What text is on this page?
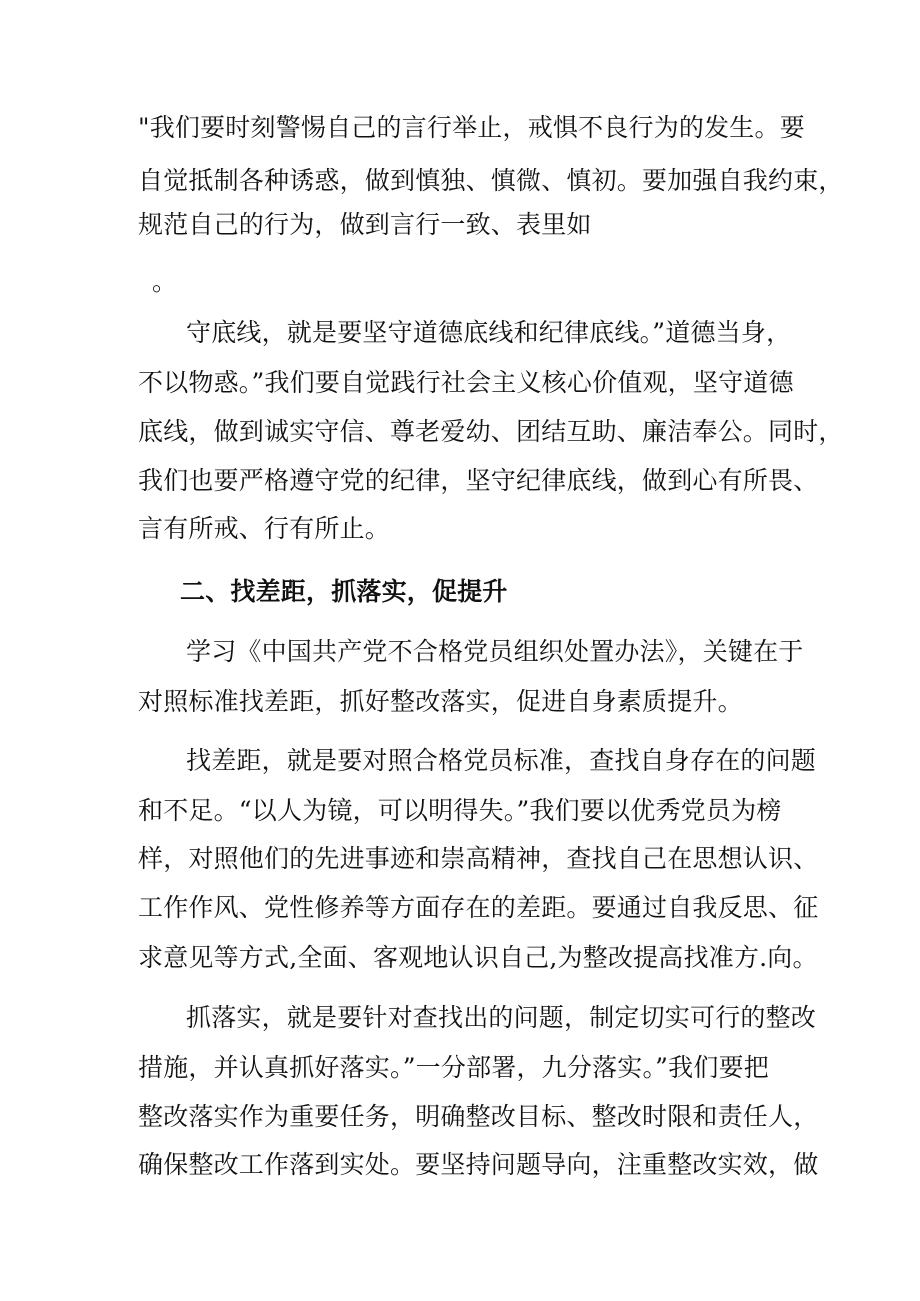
"我们要时刻警惕自己的言行举止，戒惧不良行为的发生。要
自觉抵制各种诱惑，做到慎独、慎微、慎初。要加强自我约束，
规范自己的行为，做到言行一致、表里如
。
守底线，就是要坚守道德底线和纪律底线。”道德当身，
不以物惑。”我们要自觉践行社会主义核心价值观，坚守道德
底线，做到诚实守信、尊老爱幼、团结互助、廉洁奉公。同时，
我们也要严格遵守党的纪律，坚守纪律底线，做到心有所畏、
言有所戒、行有所止。
二、找差距，抓落实，促提升
学习《中国共产党不合格党员组织处置办法》，关键在于
对照标准找差距，抓好整改落实，促进自身素质提升。
找差距，就是要对照合格党员标准，查找自身存在的问题
和不足。“以人为镜，可以明得失。”我们要以优秀党员为榜
样，对照他们的先进事迹和崇高精神，查找自己在思想认识、
工作作风、党性修养等方面存在的差距。要通过自我反思、征
求意见等方式,全面、客观地认识自己,为整改提高找准方.向。
抓落实，就是要针对查找出的问题，制定切实可行的整改
措施，并认真抓好落实。”一分部署，九分落实。”我们要把
整改落实作为重要任务，明确整改目标、整改时限和责任人，
确保整改工作落到实处。要坚持问题导向，注重整改实效，做
